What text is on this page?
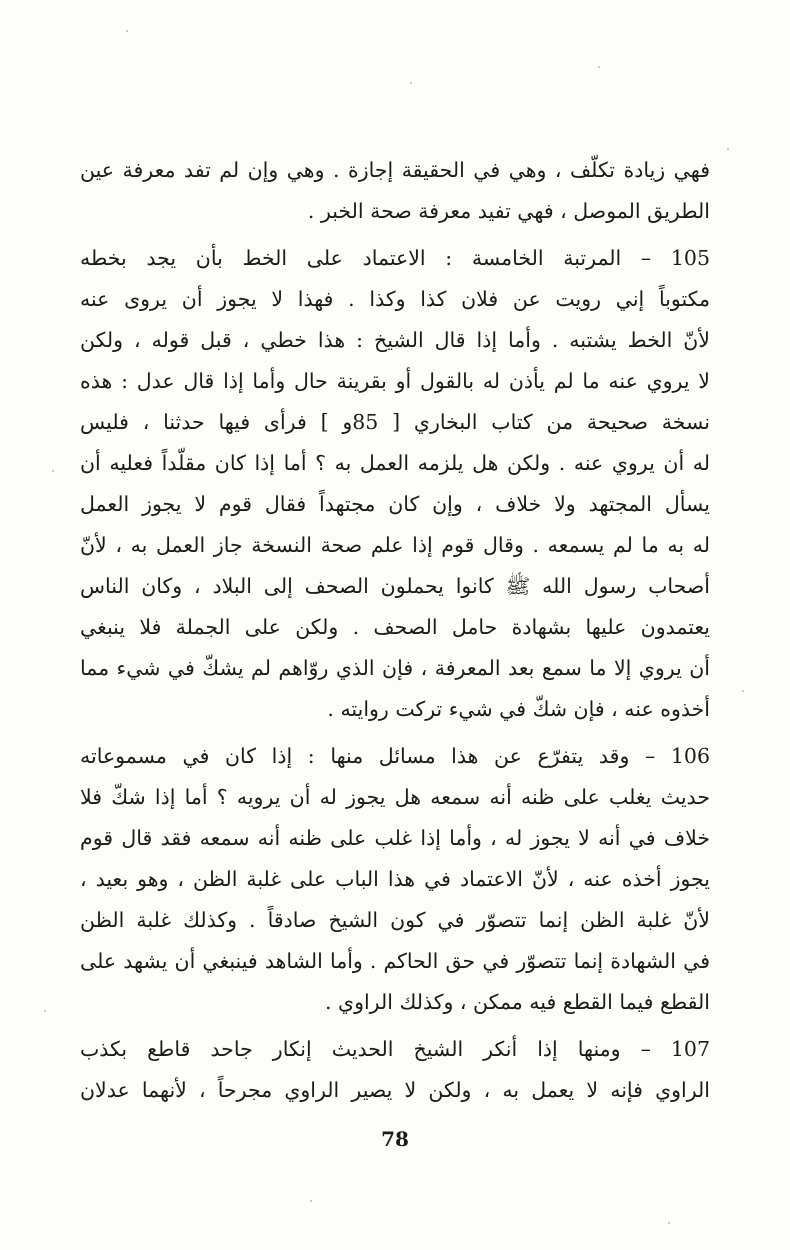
فهي زيادة تكلّف ، وهي في الحقيقة إجازة . وهي وإن لم تفد معرفة عين
الطريق الموصل ، فهي تفيد معرفة صحة الخبر .

105 – المرتبة الخامسة : الاعتماد على الخط بأن يجد بخطه
مكتوباً إني رويت عن فلان كذا وكذا . فهذا لا يجوز أن يروى عنه
لأنّ الخط يشتبه . وأما إذا قال الشيخ : هذا خطي ، قبل قوله ، ولكن
لا يروي عنه ما لم يأذن له بالقول أو بقرينة حال وأما إذا قال عدل : هذه
نسخة صحيحة من كتاب البخاري [ 85و ] فرأى فيها حدثنا ، فليس
له أن يروي عنه . ولكن هل يلزمه العمل به ؟ أما إذا كان مقلّداً فعليه أن
يسأل المجتهد ولا خلاف ، وإن كان مجتهداً فقال قوم لا يجوز العمل
له به ما لم يسمعه . وقال قوم إذا علم صحة النسخة جاز العمل به ، لأنّ
أصحاب رسول الله ﷺ كانوا يحملون الصحف إلى البلاد ، وكان الناس
يعتمدون عليها بشهادة حامل الصحف . ولكن على الجملة فلا ينبغي
أن يروي إلا ما سمع بعد المعرفة ، فإن الذي روّاهم لم يشكّ في شيء مما
أخذوه عنه ، فإن شكّ في شيء تركت روايته .

106 – وقد يتفرّع عن هذا مسائل منها : إذا كان في مسموعاته
حديث يغلب على ظنه أنه سمعه هل يجوز له أن يرويه ؟ أما إذا شكّ فلا
خلاف في أنه لا يجوز له ، وأما إذا غلب على ظنه أنه سمعه فقد قال قوم
يجوز أخذه عنه ، لأنّ الاعتماد في هذا الباب على غلبة الظن ، وهو بعيد ،
لأنّ غلبة الظن إنما تتصوّر في كون الشيخ صادقاً . وكذلك غلبة الظن
في الشهادة إنما تتصوّر في حق الحاكم . وأما الشاهد فينبغي أن يشهد على
القطع فيما القطع فيه ممكن ، وكذلك الراوي .

107 – ومنها إذا أنكر الشيخ الحديث إنكار جاحد قاطع بكذب
الراوي فإنه لا يعمل به ، ولكن لا يصير الراوي مجرحاً ، لأنهما عدلان

78
